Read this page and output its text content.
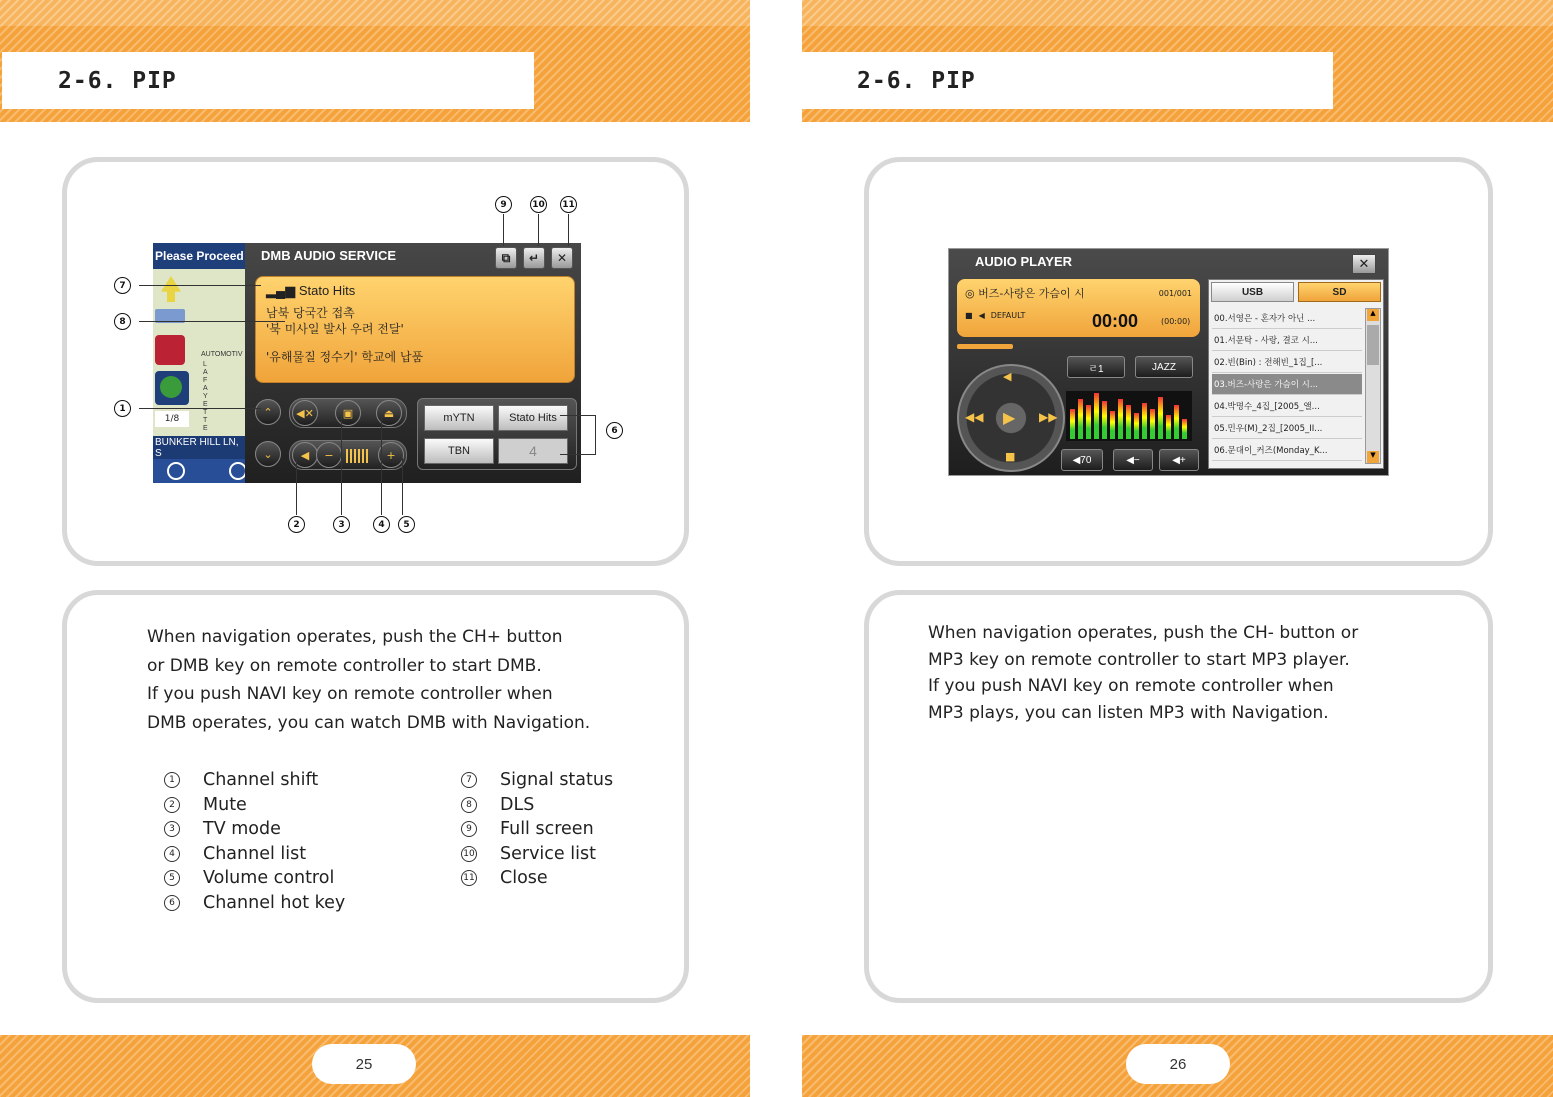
2-6. PIP
Please Proceed
1/8
AUTOMOTIV
LAFAYETTE
BUNKER HILL LN, S
DMB AUDIO SERVICE	⧉	↵	✕
▂▄▆ Stato Hits
남북 당국간 접촉
'북 미사일 발사 우려 전달'
'유해물질 정수기' 학교에 납품
⌃
⌄
◀✕	▣	⏏
◀	−	+
mYTN	Stato Hits
TBN	4
7
8
1
9	10 11
6
2	3	4	5
When navigation operates, push the CH+ button
or DMB key on remote controller to start DMB.
If you push NAVI key on remote controller when
DMB operates, you can watch DMB with Navigation.
1 Channel shift
2 Mute
3 TV mode
4 Channel list
5 Volume control
6 Channel hot key
7 Signal status
8 DLS
9 Full screen
10 Service list
11 Close
25
2-6. PIP
When navigation operates, push the CH- button or
MP3 key on remote controller to start MP3 player.
If you push NAVI key on remote controller when
MP3 plays, you can listen MP3 with Navigation.
26
AUDIO PLAYER	✕
◎ 버즈-사랑은 가슴이 시	001/001
■ ◀ DEFAULT	00:00	(00:00)
◀
◀◀ ▶ ▶▶
■
ㄹ1	JAZZ
◀ 70	◀−	◀+
USB	SD
00.서영은 - 혼자가 아닌 ...
01.서문탁 - 사랑, 결코 시...
02.빈(Bin) : 전해빈_1집_[...
03.버즈-사랑은 가슴이 시...
04.박명수_4집_[2005_앨...
05.민우(M)_2집_[2005_II...
06.문대이_커즈(Monday_K...
▲
▼
